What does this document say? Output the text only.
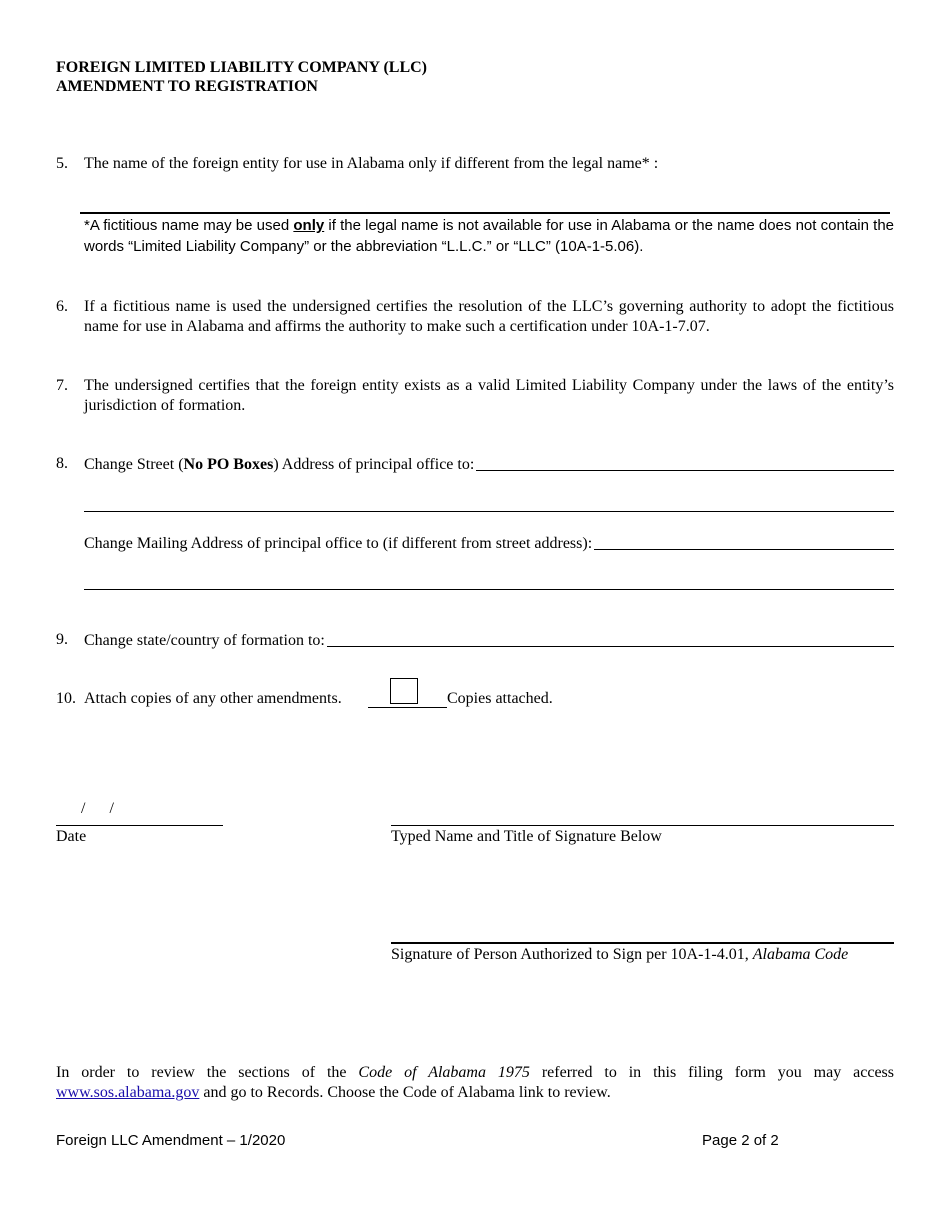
FOREIGN LIMITED LIABILITY COMPANY (LLC)
AMENDMENT TO REGISTRATION
5. The name of the foreign entity for use in Alabama only if different from the legal name* :
*A fictitious name may be used only if the legal name is not available for use in Alabama or the name does not contain the words “Limited Liability Company” or the abbreviation “L.L.C.” or “LLC” (10A-1-5.06).
6. If a fictitious name is used the undersigned certifies the resolution of the LLC’s governing authority to adopt the fictitious name for use in Alabama and affirms the authority to make such a certification under 10A-1-7.07.
7. The undersigned certifies that the foreign entity exists as a valid Limited Liability Company under the laws of the entity’s jurisdiction of formation.
8. Change Street (No PO Boxes) Address of principal office to:
Change Mailing Address of principal office to (if different from street address):
9. Change state/country of formation to:
10. Attach copies of any other amendments.	Copies attached.
/      /
Date	Typed Name and Title of Signature Below
Signature of Person Authorized to Sign per 10A-1-4.01, Alabama Code
In order to review the sections of the Code of Alabama 1975 referred to in this filing form you may access
www.sos.alabama.gov and go to Records. Choose the Code of Alabama link to review.
Foreign LLC Amendment – 1/2020	Page 2 of 2
